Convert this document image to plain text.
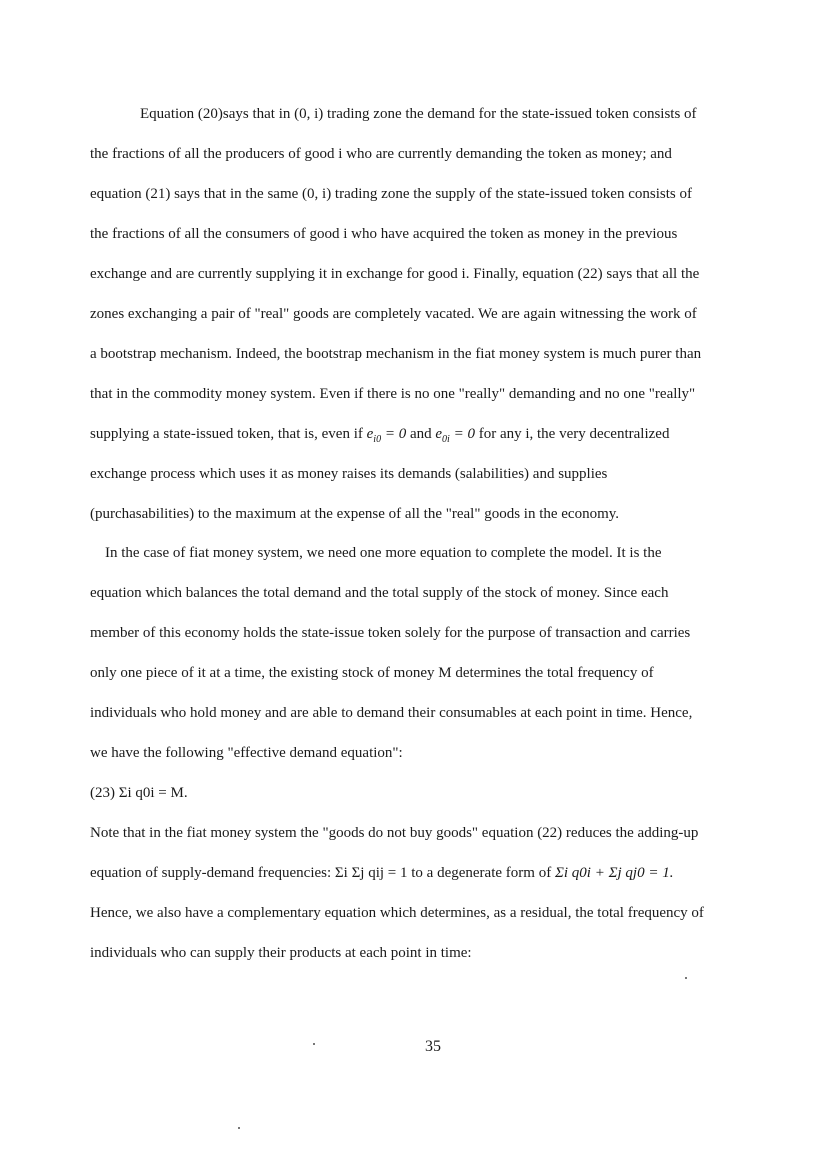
Equation (20)says that in (0, i) trading zone the demand for the state-issued token consists of
the fractions of all the producers of good i who are currently demanding the token as money; and
equation (21) says that in the same (0, i) trading zone the supply of the state-issued token consists of
the fractions of all the consumers of good i who have acquired the token as money in the previous
exchange and are currently supplying it in exchange for good i. Finally, equation (22) says that all the
zones exchanging a pair of "real" goods are completely vacated. We are again witnessing the work of
a bootstrap mechanism. Indeed, the bootstrap mechanism in the fiat money system is much purer than
that in the commodity money system. Even if there is no one "really" demanding and no one "really"
supplying a state-issued token, that is, even if $e_{i0} = 0$ and $e_{0i} = 0$ for any i, the very decentralized
exchange process which uses it as money raises its demands (salabilities) and supplies
(purchasabilities) to the maximum at the expense of all the "real" goods in the economy.
In the case of fiat money system, we need one more equation to complete the model. It is the
equation which balances the total demand and the total supply of the stock of money. Since each
member of this economy holds the state-issue token solely for the purpose of transaction and carries
only one piece of it at a time, the existing stock of money M determines the total frequency of
individuals who hold money and are able to demand their consumables at each point in time. Hence,
we have the following "effective demand equation":
(23) Σi q0i = M.
Note that in the fiat money system the "goods do not buy goods" equation (22) reduces the adding-up
equation of supply-demand frequencies: Σi Σj qij = 1 to a degenerate form of Σi q0i + Σj qj0 = 1.
Hence, we also have a complementary equation which determines, as a residual, the total frequency of
individuals who can supply their products at each point in time:
35
